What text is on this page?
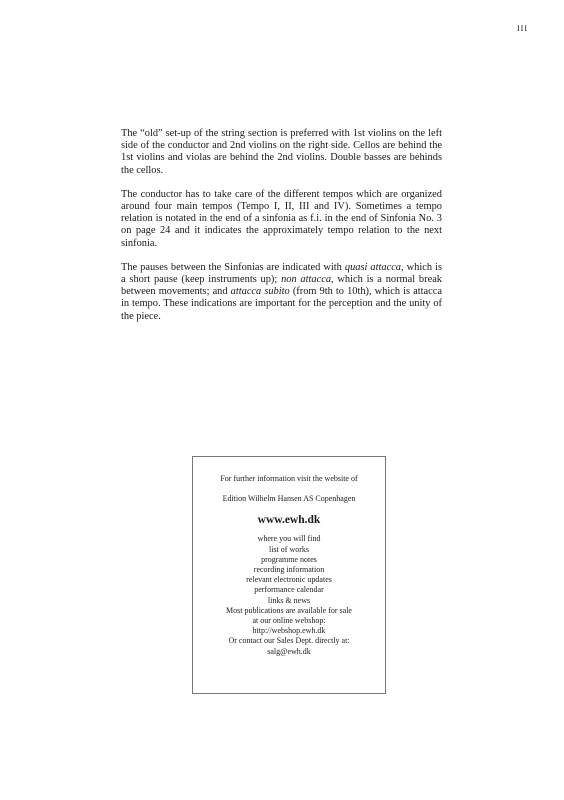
III

The “old” set-up of the string section is preferred with 1st violins on the left side of the conductor and 2nd violins on the right side. Cellos are behind the 1st violins and violas are behind the 2nd violins. Double basses are behinds the cellos.

The conductor has to take care of the different tempos which are organized around four main tempos (Tempo I, II, III and IV). Sometimes a tempo relation is notated in the end of a sinfonia as f.i. in the end of Sinfonia No. 3 on page 24 and it indicates the approximately tempo relation to the next sinfonia.

The pauses between the Sinfonias are indicated with quasi attacca, which is a short pause (keep instruments up); non attacca, which is a normal break between movements; and attacca subito (from 9th to 10th), which is attacca in tempo. These indications are important for the perception and the unity of the piece.

For further information visit the website of

Edition Wilhelm Hansen AS Copenhagen

www.ewh.dk

where you will find
list of works
programme notes
recording information
relevant electronic updates
performance calendar
links & news
Most publications are available for sale
at our online webshop:
http://webshop.ewh.dk
Or contact our Sales Dept. directly at:
salg@ewh.dk
